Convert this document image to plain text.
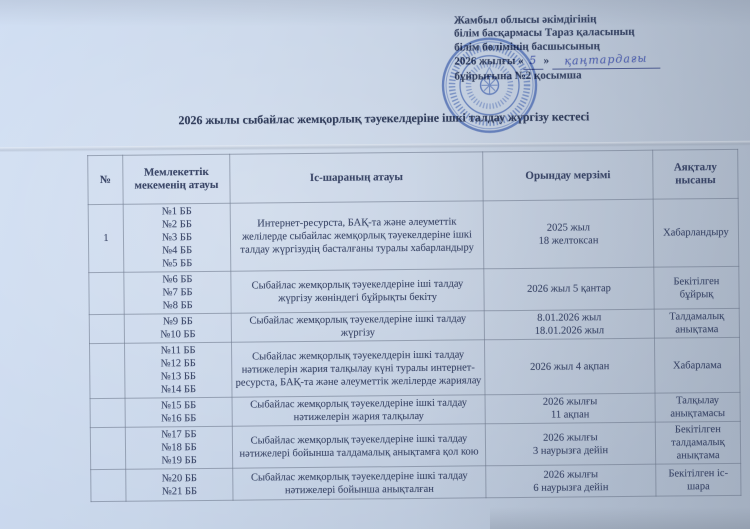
Жамбыл облысы әкімдігінің
білім басқармасы Тараз қаласының
білім бөлімінің басшысының
2026 жылғы « 5 » қаңтардағы
бұйрығына №2 қосымша
2026 жылы сыбайлас жемқорлық тәуекелдеріне ішкі талдау жүргізу кестесі
№	Мемлекеттік мекеменің атауы	Іс-шараның атауы	Орындау мерзімі	Аяқталу нысаны
1	№1 ББ
№2 ББ
№3 ББ
№4 ББ
№5 ББ	Интернет-ресурста, БАҚ-та және әлеуметтік желілерде сыбайлас жемқорлық тәуекелдеріне ішкі талдау жүргізудің басталғаны туралы хабарландыру	2025 жыл
18 желтоксан	Хабарландыру
	№6 ББ
№7 ББ
№8 ББ	Сыбайлас жемқорлық тәуекелдеріне іші талдау жүргізу жөніндегі бұйрықты бекіту	2026 жыл 5 қантар	Бекітілген бұйрық
	№9 ББ
№10 ББ	Сыбайлас жемқорлық тәуекелдеріне ішкі талдау жүргізу	8.01.2026 жыл
18.01.2026 жыл	Талдамалық анықтама
	№11 ББ
№12 ББ
№13 ББ
№14 ББ	Сыбайлас жемқорлық тәуекелдерін ішкі талдау нәтижелерін жария талқылау күні туралы интернет-ресурста, БАҚ-та және әлеуметтік желілерде жариялау	2026 жыл 4 ақпан	Хабарлама
	№15 ББ
№16 ББ	Сыбайлас жемқорлық тәуекелдеріне ішкі талдау нәтижелерін жария талқылау	2026 жылғы
11 ақпан	Талқылау анықтамасы
	№17 ББ
№18 ББ
№19 ББ	Сыбайлас жемқорлық тәуекелдеріне ішкі талдау нәтижелері бойынша талдамалық анықтамға қол кою	2026 жылғы
3 наурызға дейін	Бекітілген талдамалық анықтама
	№20 ББ
№21 ББ	Сыбайлас жемқорлық тәуекелдеріне ішкі талдау нәтижелері бойынша анықталған	2026 жылғы
6 наурызға дейін	Бекітілген іс-шара
